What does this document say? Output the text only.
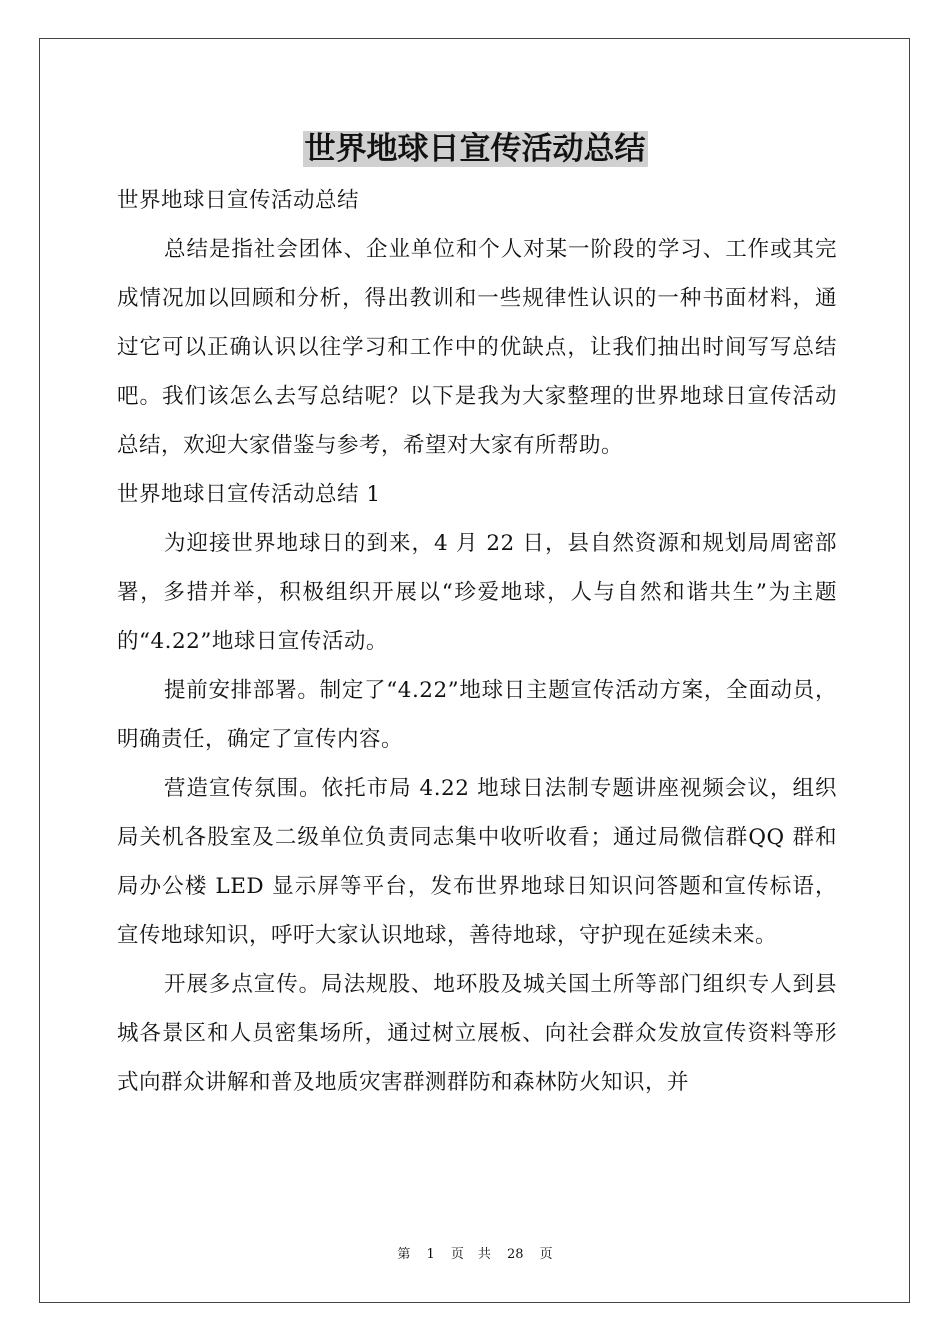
世界地球日宣传活动总结

世界地球日宣传活动总结

总结是指社会团体、企业单位和个人对某一阶段的学习、工作或其完成情况加以回顾和分析，得出教训和一些规律性认识的一种书面材料，通过它可以正确认识以往学习和工作中的优缺点，让我们抽出时间写写总结吧。我们该怎么去写总结呢？以下是我为大家整理的世界地球日宣传活动总结，欢迎大家借鉴与参考，希望对大家有所帮助。

世界地球日宣传活动总结 1

为迎接世界地球日的到来，4 月 22 日，县自然资源和规划局周密部署，多措并举，积极组织开展以“珍爱地球，人与自然和谐共生”为主题的“4.22”地球日宣传活动。

提前安排部署。制定了“4.22”地球日主题宣传活动方案，全面动员，明确责任，确定了宣传内容。

营造宣传氛围。依托市局 4.22 地球日法制专题讲座视频会议，组织局关机各股室及二级单位负责同志集中收听收看；通过局微信群QQ 群和局办公楼 LED 显示屏等平台，发布世界地球日知识问答题和宣传标语，宣传地球知识，呼吁大家认识地球，善待地球，守护现在延续未来。

开展多点宣传。局法规股、地环股及城关国土所等部门组织专人到县城各景区和人员密集场所，通过树立展板、向社会群众发放宣传资料等形式向群众讲解和普及地质灾害群测群防和森林防火知识，并

第 1 页 共 28 页
